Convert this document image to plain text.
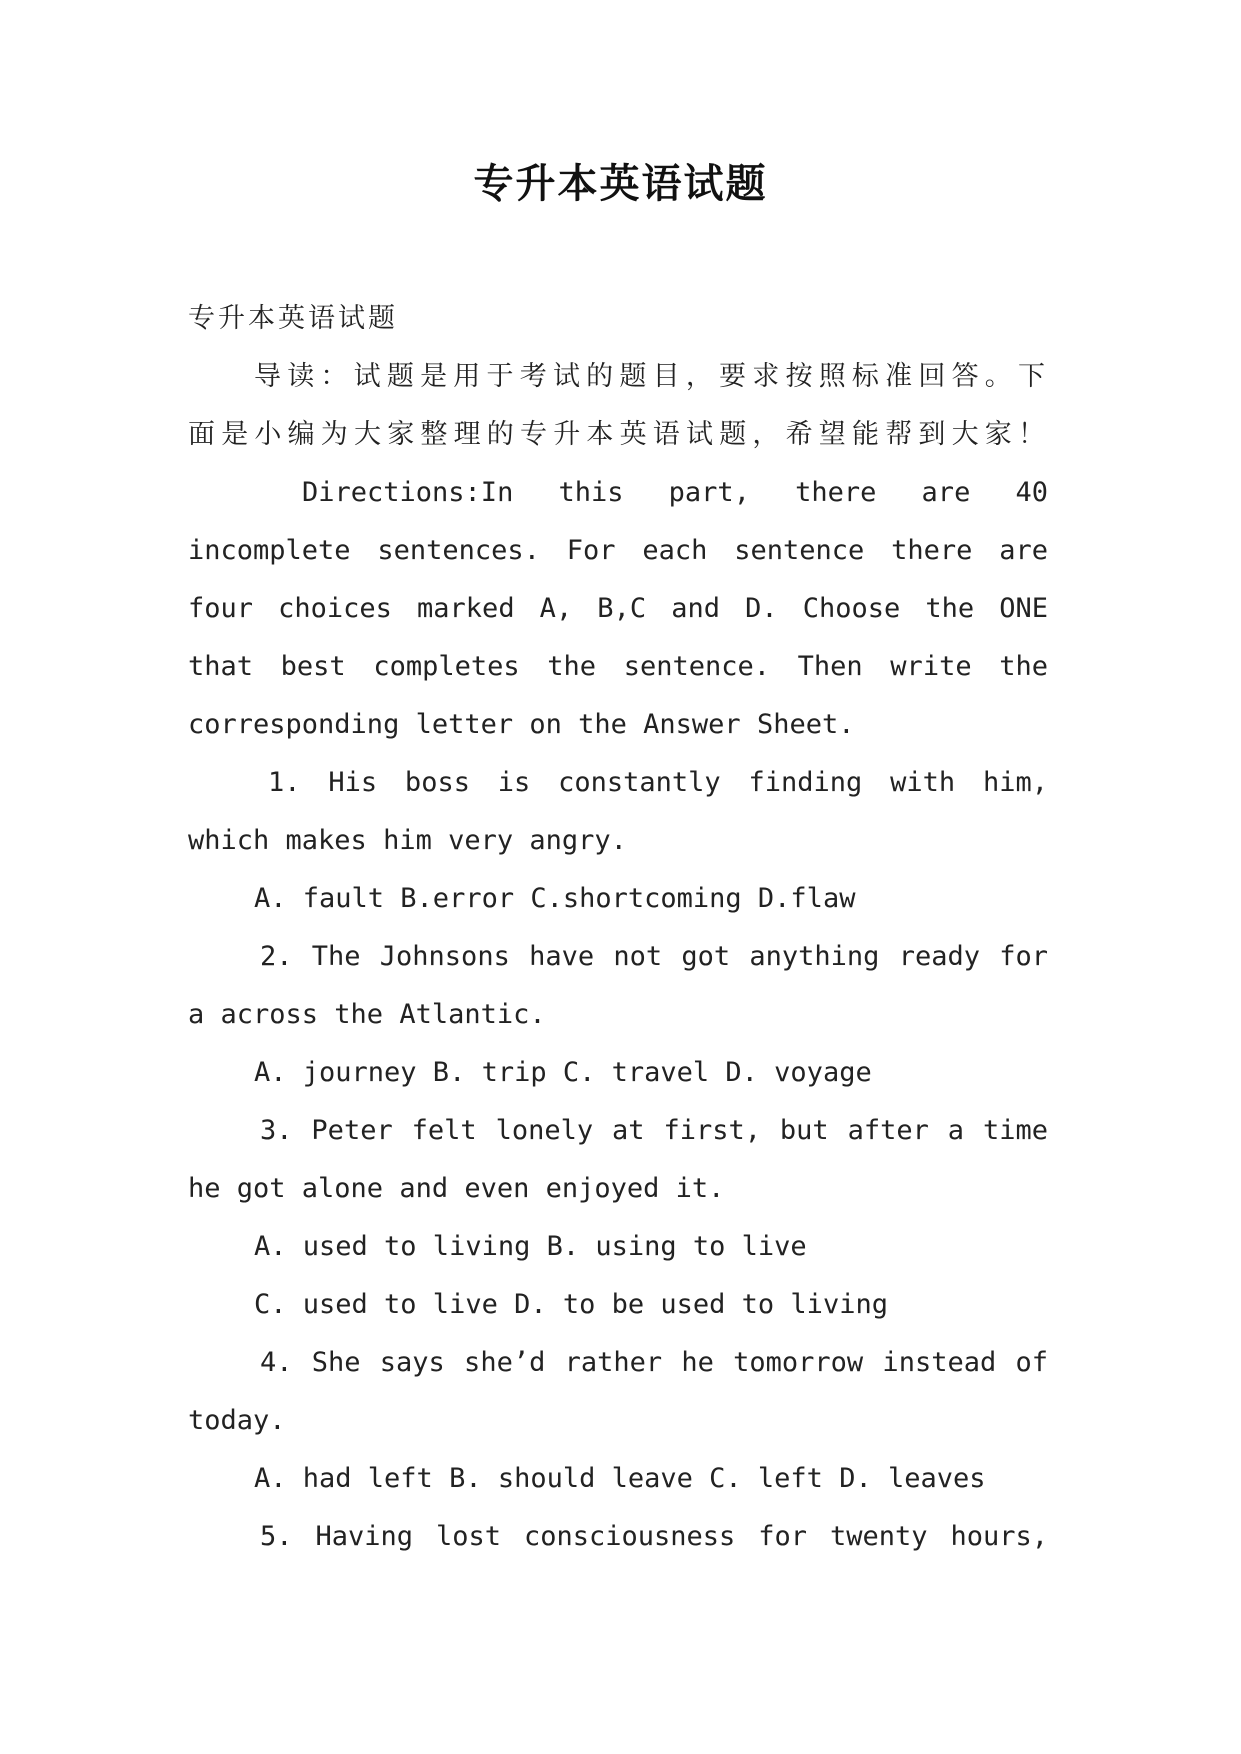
专升本英语试题
专升本英语试题
导读：试题是用于考试的题目，要求按照标准回答。下
面是小编为大家整理的专升本英语试题，希望能帮到大家！
Directions:In this part, there are 40
incomplete sentences. For each sentence there are
four choices marked A, B,C and D. Choose the ONE
that best completes the sentence. Then write the
corresponding letter on the Answer Sheet.
1. His boss is constantly finding with him,
which makes him very angry.
A. fault B.error C.shortcoming D.flaw
2. The Johnsons have not got anything ready for
a across the Atlantic.
A. journey B. trip C. travel D. voyage
3. Peter felt lonely at first, but after a time
he got alone and even enjoyed it.
A. used to living B. using to live
C. used to live D. to be used to living
4. She says she’d rather he tomorrow instead of
today.
A. had left B. should leave C. left D. leaves
5. Having lost consciousness for twenty hours,
